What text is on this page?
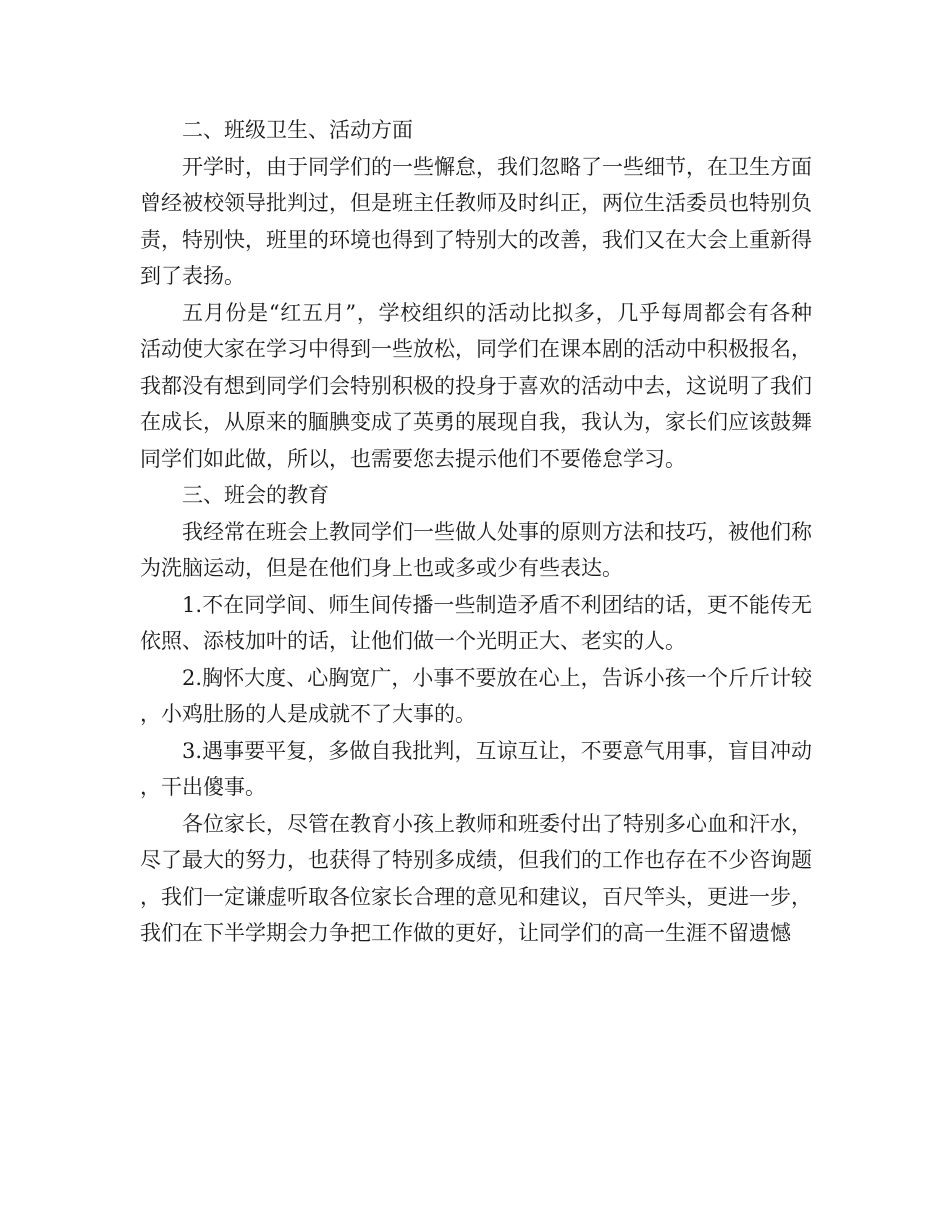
二、班级卫生、活动方面

开学时，由于同学们的一些懈怠，我们忽略了一些细节，在卫生方面曾经被校领导批判过，但是班主任教师及时纠正，两位生活委员也特别负责，特别快，班里的环境也得到了特别大的改善，我们又在大会上重新得到了表扬。

五月份是“红五月”，学校组织的活动比拟多，几乎每周都会有各种活动使大家在学习中得到一些放松，同学们在课本剧的活动中积极报名，我都没有想到同学们会特别积极的投身于喜欢的活动中去，这说明了我们在成长，从原来的腼腆变成了英勇的展现自我，我认为，家长们应该鼓舞同学们如此做，所以，也需要您去提示他们不要倦怠学习。

三、班会的教育

我经常在班会上教同学们一些做人处事的原则方法和技巧，被他们称为洗脑运动，但是在他们身上也或多或少有些表达。

1.不在同学间、师生间传播一些制造矛盾不利团结的话，更不能传无依照、添枝加叶的话，让他们做一个光明正大、老实的人。

2.胸怀大度、心胸宽广，小事不要放在心上，告诉小孩一个斤斤计较，小鸡肚肠的人是成就不了大事的。

3.遇事要平复，多做自我批判，互谅互让，不要意气用事，盲目冲动，干出傻事。

各位家长，尽管在教育小孩上教师和班委付出了特别多心血和汗水，尽了最大的努力，也获得了特别多成绩，但我们的工作也存在不少咨询题，我们一定谦虚听取各位家长合理的意见和建议，百尺竿头，更进一步，我们在下半学期会力争把工作做的更好，让同学们的高一生涯不留遗憾
